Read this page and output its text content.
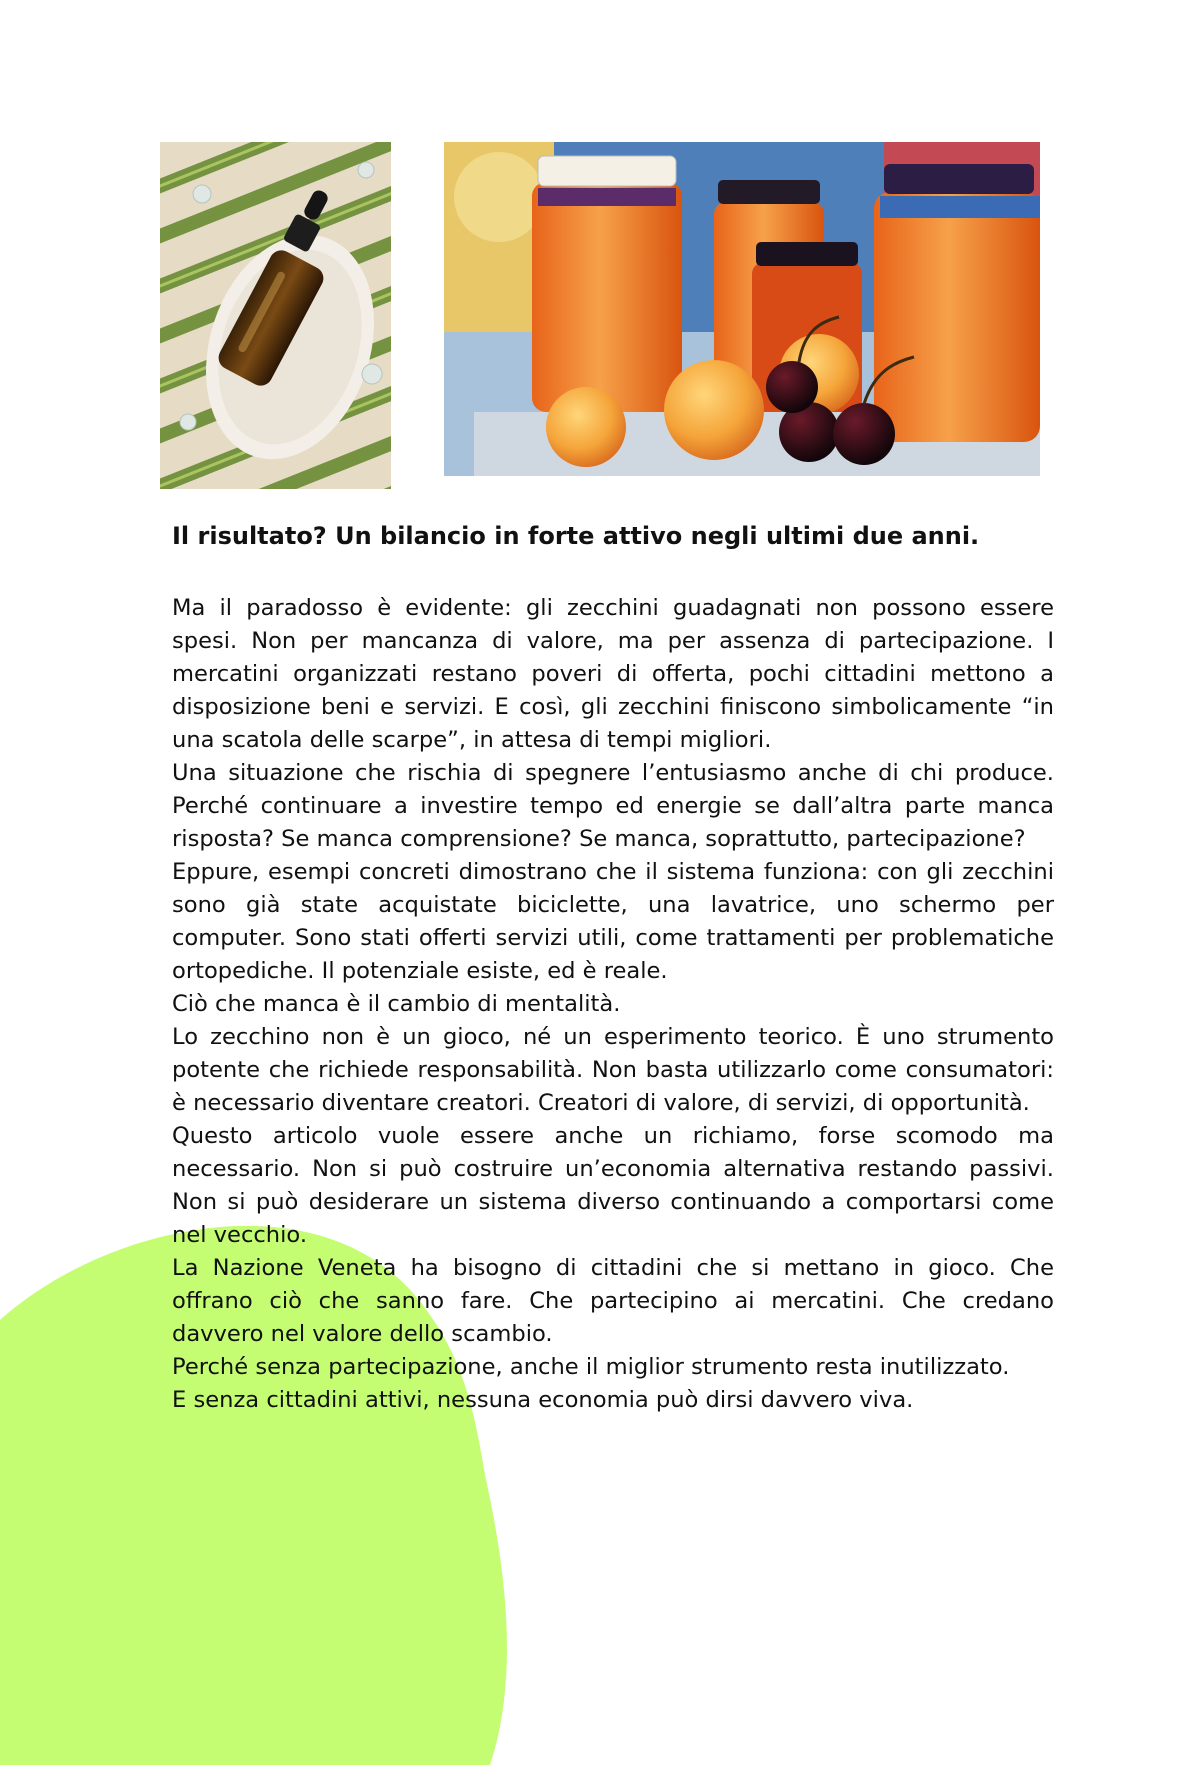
Il risultato? Un bilancio in forte attivo negli ultimi due anni.

Ma il paradosso è evidente: gli zecchini guadagnati non possono essere spesi. Non per mancanza di valore, ma per assenza di partecipazione. I mercatini organizzati restano poveri di offerta, pochi cittadini mettono a disposizione beni e servizi. E così, gli zecchini finiscono simbolicamente “in una scatola delle scarpe”, in attesa di tempi migliori.

Una situazione che rischia di spegnere l’entusiasmo anche di chi produce. Perché continuare a investire tempo ed energie se dall’altra parte manca risposta? Se manca comprensione? Se manca, soprattutto, partecipazione?

Eppure, esempi concreti dimostrano che il sistema funziona: con gli zecchini sono già state acquistate biciclette, una lavatrice, uno schermo per computer. Sono stati offerti servizi utili, come trattamenti per problematiche ortopediche. Il potenziale esiste, ed è reale.

Ciò che manca è il cambio di mentalità.

Lo zecchino non è un gioco, né un esperimento teorico. È uno strumento potente che richiede responsabilità. Non basta utilizzarlo come consumatori: è necessario diventare creatori. Creatori di valore, di servizi, di opportunità.

Questo articolo vuole essere anche un richiamo, forse scomodo ma necessario. Non si può costruire un’economia alternativa restando passivi. Non si può desiderare un sistema diverso continuando a comportarsi come nel vecchio.

La Nazione Veneta ha bisogno di cittadini che si mettano in gioco. Che offrano ciò che sanno fare. Che partecipino ai mercatini. Che credano davvero nel valore dello scambio.

Perché senza partecipazione, anche il miglior strumento resta inutilizzato.

E senza cittadini attivi, nessuna economia può dirsi davvero viva.
